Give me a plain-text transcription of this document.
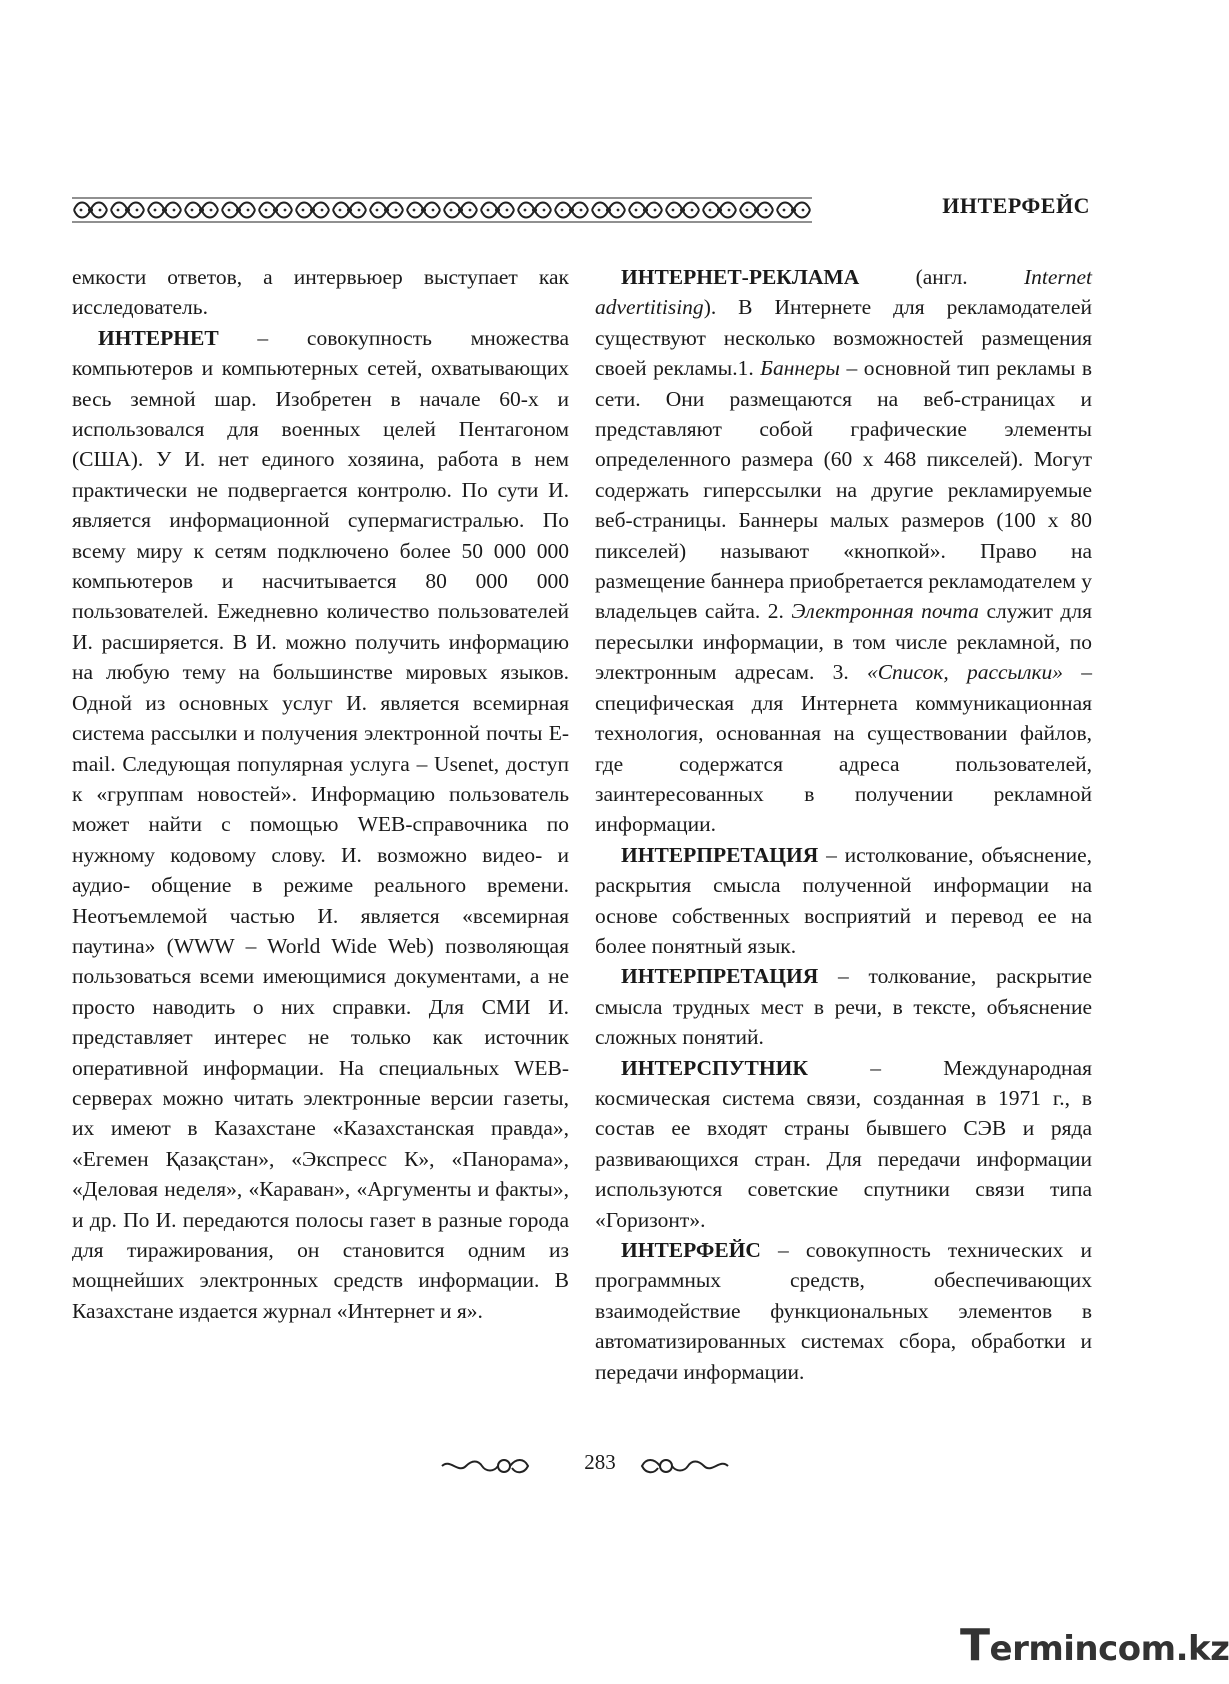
ИНТЕРФЕЙС

емкости ответов, а интервьюер выступает как исследователь.

ИНТЕРНЕТ – совокупность множества компьютеров и компьютерных сетей, охватывающих весь земной шар. Изобретен в начале 60-х и использовался для военных целей Пентагоном (США). У И. нет единого хозяина, работа в нем практически не подвергается контролю. По сути И. является информационной супермагистралью. По всему миру к сетям подключено более 50 000 000 компьютеров и насчитывается 80 000 000 пользователей. Ежедневно количество пользователей И. расширяется. В И. можно получить информацию на любую тему на большинстве мировых языков. Одной из основных услуг И. является всемирная система рассылки и получения электронной почты E-mail. Следующая популярная услуга – Usenet, доступ к «группам новостей». Информацию пользователь может найти с помощью WEB-справочника по нужному кодовому слову. И. возможно видео- и аудио- общение в режиме реального времени. Неотъемлемой частью И. является «всемирная паутина» (WWW – World Wide Web) позволяющая пользоваться всеми имеющимися документами, а не просто наводить о них справки. Для СМИ И. представляет интерес не только как источник оперативной информации. На специальных WEB-серверах можно читать электронные версии газеты, их имеют в Казахстане «Казахстанская правда», «Егемен Қазақстан», «Экспресс К», «Панорама», «Деловая неделя», «Караван», «Аргументы и факты», и др. По И. передаются полосы газет в разные города для тиражирования, он становится одним из мощнейших электронных средств информации. В Казахстане издается журнал «Интернет и я».

ИНТЕРНЕТ-РЕКЛАМА (англ. Internet advertitising). В Интернете для рекламодателей существуют несколько возможностей размещения своей рекламы.1. Баннеры – основной тип рекламы в сети. Они размещаются на веб-страницах и представляют собой графические элементы определенного размера (60 х 468 пикселей). Могут содержать гиперссылки на другие рекламируемые веб-страницы. Баннеры малых размеров (100 х 80 пикселей) называют «кнопкой». Право на размещение баннера приобретается рекламодателем у владельцев сайта. 2. Электронная почта служит для пересылки информации, в том числе рекламной, по электронным адресам. 3. «Список, рассылки» – специфическая для Интернета коммуникационная технология, основанная на существовании файлов, где содержатся адреса пользователей, заинтересованных в получении рекламной информации.

ИНТЕРПРЕТАЦИЯ – истолкование, объяснение, раскрытия смысла полученной информации на основе собственных восприятий и перевод ее на более понятный язык.

ИНТЕРПРЕТАЦИЯ – толкование, раскрытие смысла трудных мест в речи, в тексте, объяснение сложных понятий.

ИНТЕРСПУТНИК – Международная космическая система связи, созданная в 1971 г., в состав ее входят страны бывшего СЭВ и ряда развивающихся стран. Для передачи информации используются советские спутники связи типа «Горизонт».

ИНТЕРФЕЙС – совокупность технических и программных средств, обеспечивающих взаимодействие функциональных элементов в автоматизированных системах сбора, обработки и передачи информации.

283
Termincom.kz
